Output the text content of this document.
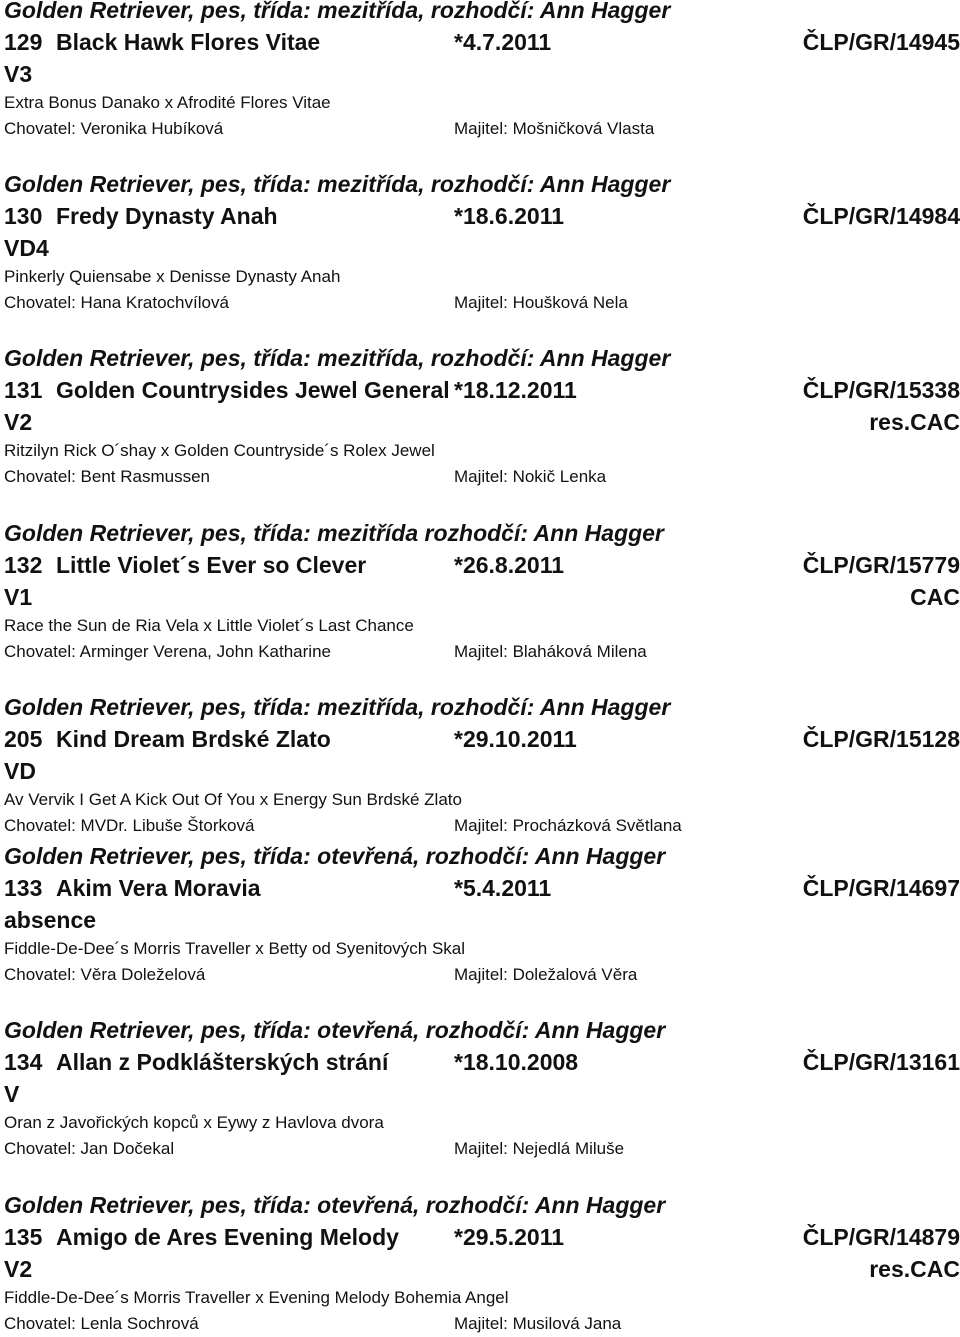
Golden Retriever, pes, třída: mezitřída, rozhodčí: Ann Hagger
129 Black Hawk Flores Vitae	*4.7.2011	ČLP/GR/14945
V3
Extra Bonus Danako x Afrodité Flores Vitae
Chovatel: Veronika Hubíková	Majitel: Mošničková Vlasta
Golden Retriever, pes, třída: mezitřída, rozhodčí: Ann Hagger
130 Fredy Dynasty Anah	*18.6.2011	ČLP/GR/14984
VD4
Pinkerly Quiensabe x Denisse Dynasty Anah
Chovatel: Hana Kratochvílová	Majitel: Houšková Nela
Golden Retriever, pes, třída: mezitřída, rozhodčí: Ann Hagger
131 Golden Countrysides Jewel General *18.12.2011	ČLP/GR/15338
V2	res.CAC
Ritzilyn Rick O´shay x Golden Countryside´s Rolex Jewel
Chovatel: Bent Rasmussen	Majitel: Nokič Lenka
Golden Retriever, pes, třída: mezitřída rozhodčí: Ann Hagger
132 Little Violet´s Ever so Clever	*26.8.2011	ČLP/GR/15779
V1	CAC
Race the Sun de Ria Vela x Little Violet´s Last Chance
Chovatel: Arminger Verena, John Katharine	Majitel: Blaháková Milena
Golden Retriever, pes, třída: mezitřída, rozhodčí: Ann Hagger
205 Kind Dream Brdské Zlato	*29.10.2011	ČLP/GR/15128
VD
Av Vervik I Get A Kick Out Of You x Energy Sun Brdské Zlato
Chovatel: MVDr. Libuše Štorková	Majitel: Procházková Světlana
Golden Retriever, pes, třída: otevřená, rozhodčí: Ann Hagger
133 Akim Vera Moravia	*5.4.2011	ČLP/GR/14697
absence
Fiddle-De-Dee´s Morris Traveller x Betty od Syenitových Skal
Chovatel: Věra Doleželová	Majitel: Doležalová Věra
Golden Retriever, pes, třída: otevřená, rozhodčí: Ann Hagger
134 Allan z Podklášterských strání	*18.10.2008	ČLP/GR/13161
V
Oran z Javořických kopců x Eywy z Havlova dvora
Chovatel: Jan Dočekal	Majitel: Nejedlá Miluše
Golden Retriever, pes, třída: otevřená, rozhodčí: Ann Hagger
135 Amigo de Ares Evening Melody *29.5.2011	ČLP/GR/14879
V2	res.CAC
Fiddle-De-Dee´s Morris Traveller x Evening Melody Bohemia Angel
Chovatel: Lenla Sochrová	Majitel: Musilová Jana
